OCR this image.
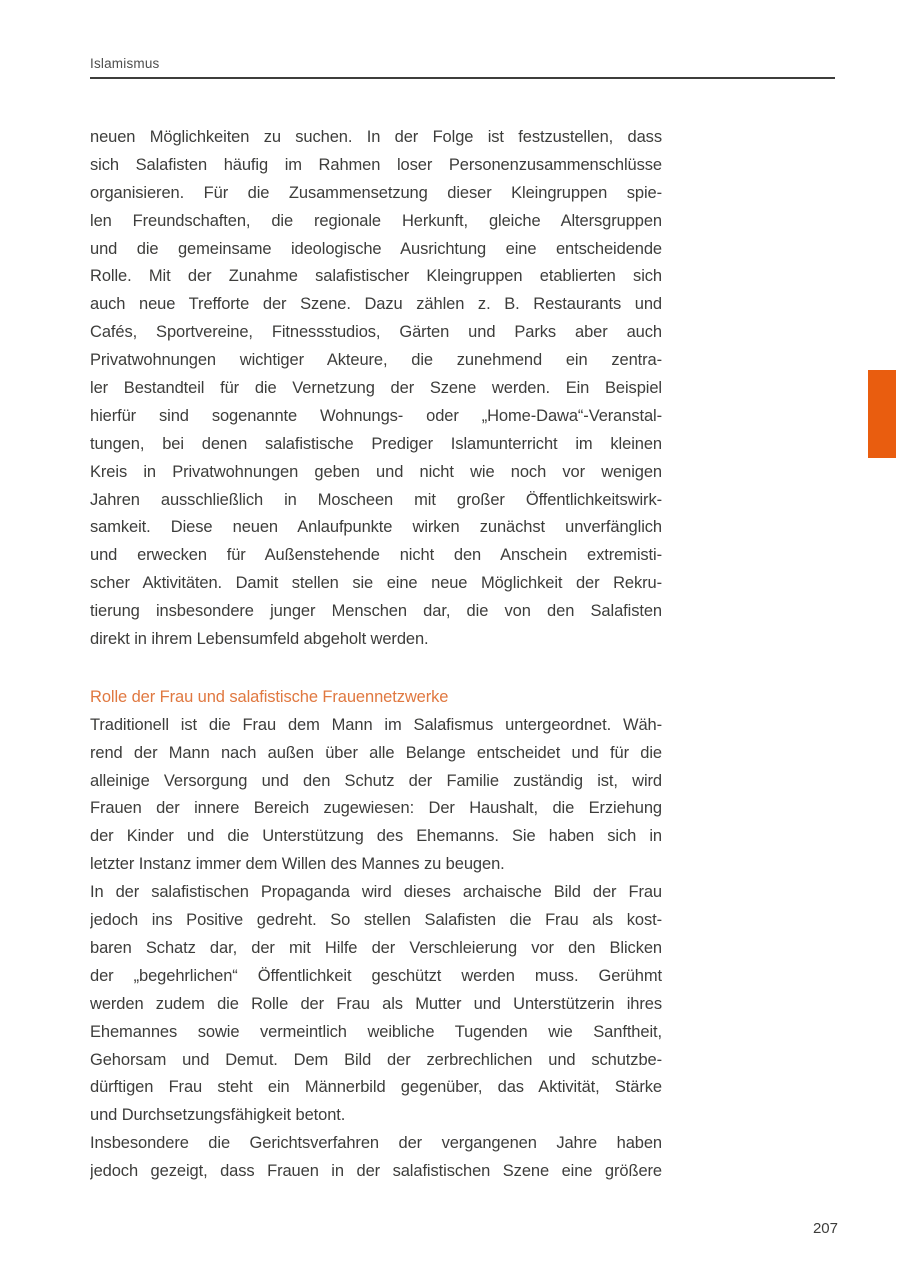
Islamismus
neuen Möglichkeiten zu suchen. In der Folge ist festzustellen, dass
sich Salafisten häufig im Rahmen loser Personenzusammenschlüsse
organisieren. Für die Zusammensetzung dieser Kleingruppen spie-
len Freundschaften, die regionale Herkunft, gleiche Altersgruppen
und die gemeinsame ideologische Ausrichtung eine entscheidende
Rolle. Mit der Zunahme salafistischer Kleingruppen etablierten sich
auch neue Trefforte der Szene. Dazu zählen z. B. Restaurants und
Cafés, Sportvereine, Fitnessstudios, Gärten und Parks aber auch
Privatwohnungen wichtiger Akteure, die zunehmend ein zentra-
ler Bestandteil für die Vernetzung der Szene werden. Ein Beispiel
hierfür sind sogenannte Wohnungs- oder „Home-Dawa“-Veranstal-
tungen, bei denen salafistische Prediger Islamunterricht im kleinen
Kreis in Privatwohnungen geben und nicht wie noch vor wenigen
Jahren ausschließlich in Moscheen mit großer Öffentlichkeitswirk-
samkeit. Diese neuen Anlaufpunkte wirken zunächst unverfänglich
und erwecken für Außenstehende nicht den Anschein extremisti-
scher Aktivitäten. Damit stellen sie eine neue Möglichkeit der Rekru-
tierung insbesondere junger Menschen dar, die von den Salafisten
direkt in ihrem Lebensumfeld abgeholt werden.
Rolle der Frau und salafistische Frauennetzwerke
Traditionell ist die Frau dem Mann im Salafismus untergeordnet. Wäh-
rend der Mann nach außen über alle Belange entscheidet und für die
alleinige Versorgung und den Schutz der Familie zuständig ist, wird
Frauen der innere Bereich zugewiesen: Der Haushalt, die Erziehung
der Kinder und die Unterstützung des Ehemanns. Sie haben sich in
letzter Instanz immer dem Willen des Mannes zu beugen.
In der salafistischen Propaganda wird dieses archaische Bild der Frau
jedoch ins Positive gedreht. So stellen Salafisten die Frau als kost-
baren Schatz dar, der mit Hilfe der Verschleierung vor den Blicken
der „begehrlichen“ Öffentlichkeit geschützt werden muss. Gerühmt
werden zudem die Rolle der Frau als Mutter und Unterstützerin ihres
Ehemannes sowie vermeintlich weibliche Tugenden wie Sanftheit,
Gehorsam und Demut. Dem Bild der zerbrechlichen und schutzbe-
dürftigen Frau steht ein Männerbild gegenüber, das Aktivität, Stärke
und Durchsetzungsfähigkeit betont.
Insbesondere die Gerichtsverfahren der vergangenen Jahre haben
jedoch gezeigt, dass Frauen in der salafistischen Szene eine größere
207
